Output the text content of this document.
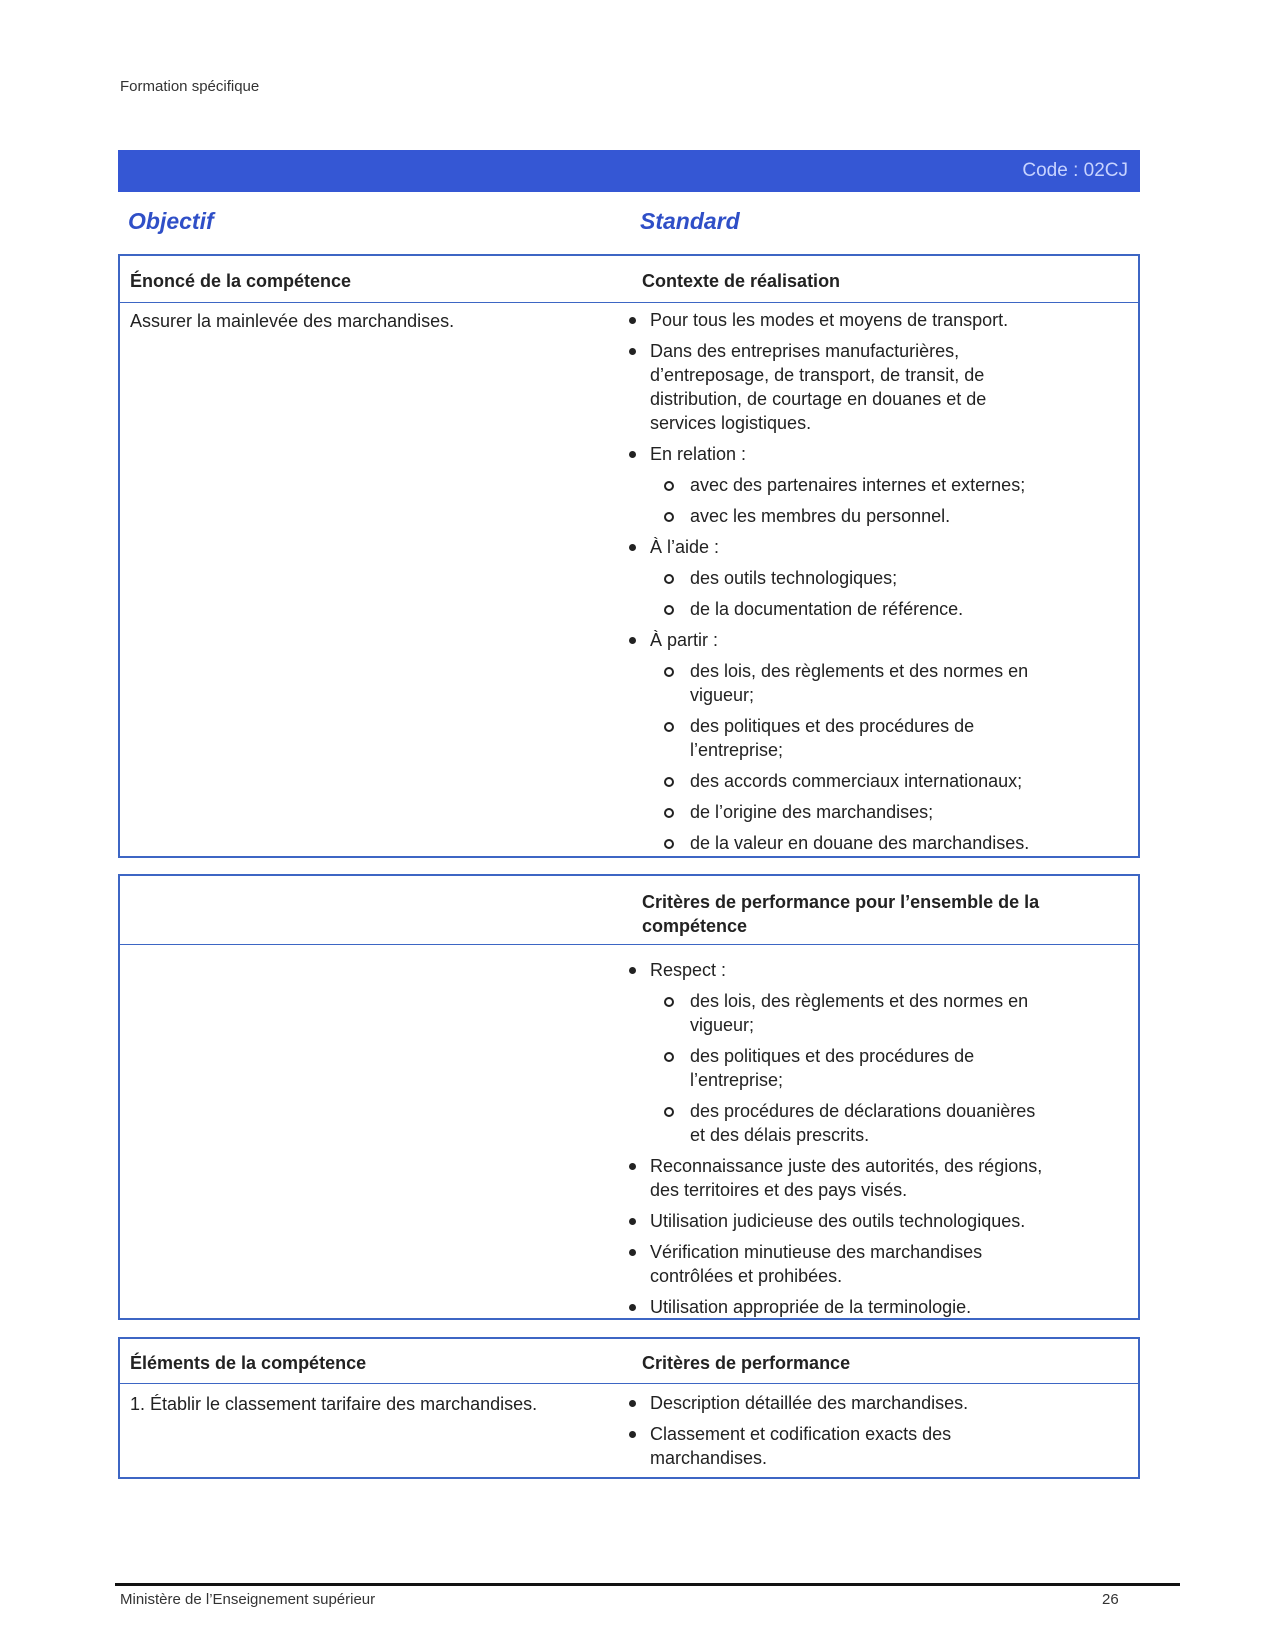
Formation spécifique
Code : 02CJ
Objectif	Standard
Énoncé de la compétence	Contexte de réalisation
Assurer la mainlevée des marchandises.	Pour tous les modes et moyens de transport.
Dans des entreprises manufacturières,
d’entreposage, de transport, de transit, de
distribution, de courtage en douanes et de
services logistiques.
En relation :
avec des partenaires internes et externes;
avec les membres du personnel.
À l’aide :
des outils technologiques;
de la documentation de référence.
À partir :
des lois, des règlements et des normes en
vigueur;
des politiques et des procédures de
l’entreprise;
des accords commerciaux internationaux;
de l’origine des marchandises;
de la valeur en douane des marchandises.
Critères de performance pour l’ensemble de la
compétence
Respect :
des lois, des règlements et des normes en
vigueur;
des politiques et des procédures de
l’entreprise;
des procédures de déclarations douanières
et des délais prescrits.
Reconnaissance juste des autorités, des régions,
des territoires et des pays visés.
Utilisation judicieuse des outils technologiques.
Vérification minutieuse des marchandises
contrôlées et prohibées.
Utilisation appropriée de la terminologie.
Éléments de la compétence	Critères de performance
1. Établir le classement tarifaire des marchandises.	Description détaillée des marchandises.
Classement et codification exacts des
marchandises.
Ministère de l’Enseignement supérieur	26
